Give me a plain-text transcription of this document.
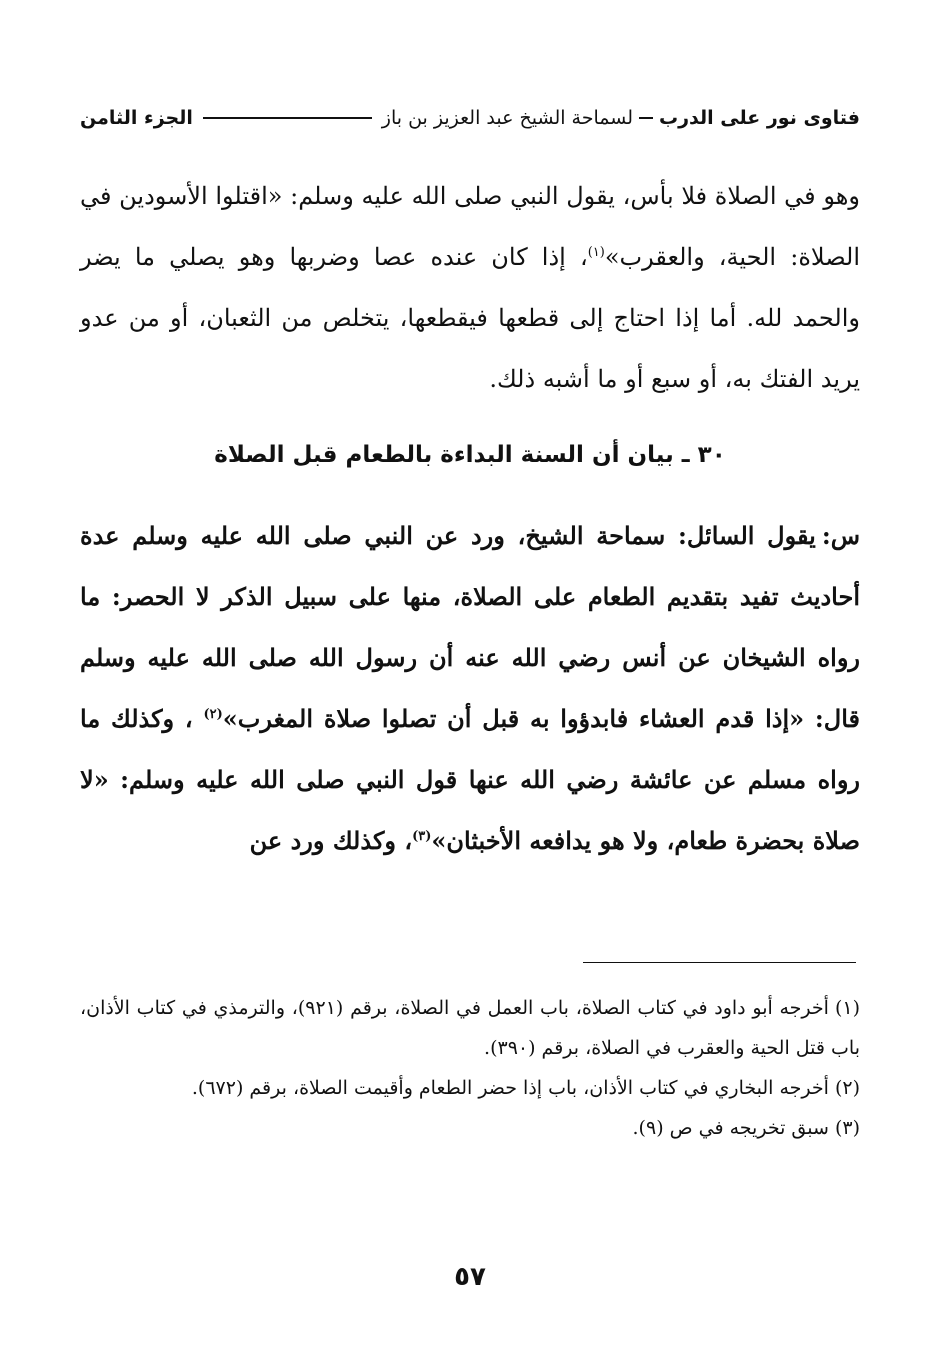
فتاوى نور على الدرب
لسماحة الشيخ عبد العزيز بن باز
الجزء الثامن

وهو في الصلاة فلا بأس، يقول النبي صلى الله عليه وسلم: «اقتلوا الأسودين في الصلاة: الحية، والعقرب»$^{(١)}$، إذا كان عنده عصا وضربها وهو يصلي ما يضر والحمد لله. أما إذا احتاج إلى قطعها فيقطعها، يتخلص من الثعبان، أو من عدو يريد الفتك به، أو سبع أو ما أشبه ذلك.

٣٠ ـ بيان أن السنة البداءة بالطعام قبل الصلاة

س:يقول السائل: سماحة الشيخ، ورد عن النبي صلى الله عليه وسلم عدة أحاديث تفيد بتقديم الطعام على الصلاة، منها على سبيل الذكر لا الحصر: ما رواه الشيخان عن أنس رضي الله عنه أن رسول الله صلى الله عليه وسلم قال: «إذا قدم العشاء فابدؤوا به قبل أن تصلوا صلاة المغرب»$^{(٢)}$ ، وكذلك ما رواه مسلم عن عائشة رضي الله عنها قول النبي صلى الله عليه وسلم: «لا صلاة بحضرة طعام، ولا هو يدافعه الأخبثان»$^{(٣)}$، وكذلك ورد عن

(١)أخرجه أبو داود في كتاب الصلاة، باب العمل في الصلاة، برقم (٩٢١)، والترمذي في كتاب الأذان، باب قتل الحية والعقرب في الصلاة، برقم (٣٩٠).
(٢)أخرجه البخاري في كتاب الأذان، باب إذا حضر الطعام وأقيمت الصلاة، برقم (٦٧٢).
(٣)سبق تخريجه في ص (٩).
٥٧
